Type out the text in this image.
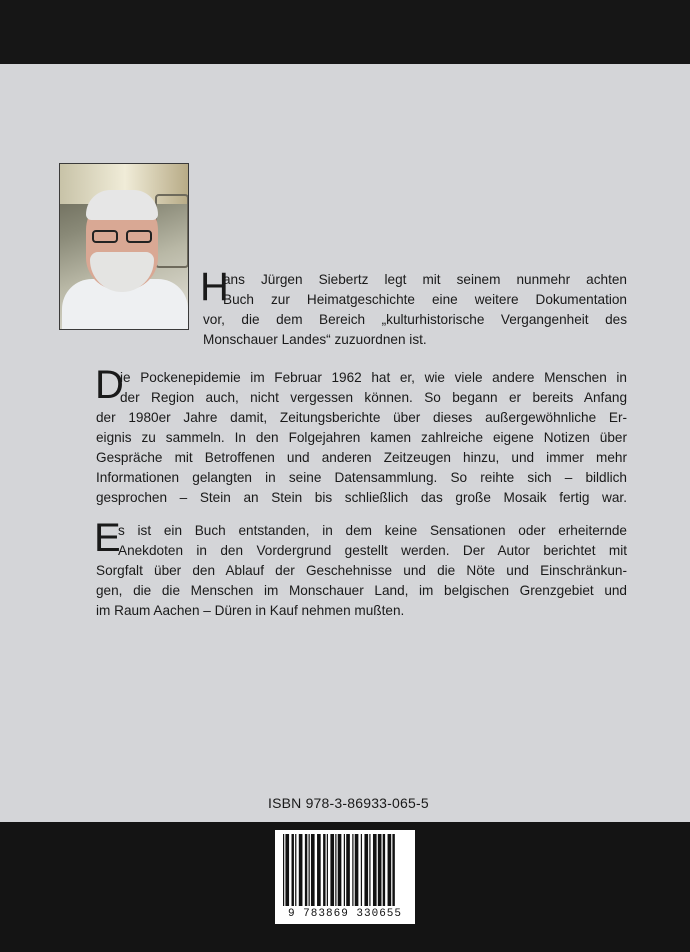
H
ans Jürgen Siebertz legt mit seinem nunmehr achten
Buch zur Heimatgeschichte eine weitere Dokumentation
vor, die dem Bereich „kulturhistorische Vergangenheit des
Monschauer Landes“ zuzuordnen ist.
D
ie Pockenepidemie im Februar 1962 hat er, wie viele andere Menschen in
der Region auch, nicht vergessen können. So begann er bereits Anfang
der 1980er Jahre damit, Zeitungsberichte über dieses außergewöhnliche Er-
eignis zu sammeln. In den Folgejahren kamen zahlreiche eigene Notizen über
Gespräche mit Betroffenen und anderen Zeitzeugen hinzu, und immer mehr
Informationen gelangten in seine Datensammlung. So reihte sich – bildlich
gesprochen – Stein an Stein bis schließlich das große Mosaik fertig war.
E
s ist ein Buch entstanden, in dem keine Sensationen oder erheiternde
Anekdoten in den Vordergrund gestellt werden. Der Autor berichtet mit
Sorgfalt über den Ablauf der Geschehnisse und die Nöte und Einschränkun-
gen, die die Menschen im Monschauer Land, im belgischen Grenzgebiet und
im Raum Aachen – Düren in Kauf nehmen mußten.
ISBN 978-3-86933-065-5
9 783869 330655
